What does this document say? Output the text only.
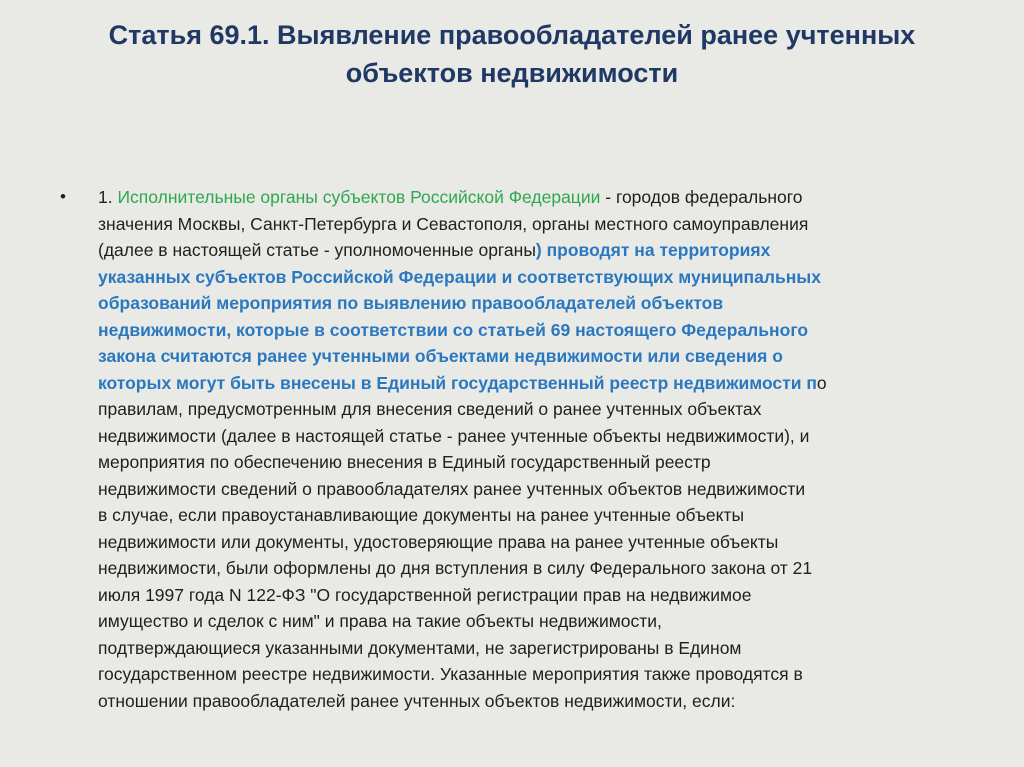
Статья 69.1. Выявление правообладателей ранее учтенных
объектов недвижимости
• 1. Исполнительные органы субъектов Российской Федерации - городов федерального
значения Москвы, Санкт-Петербурга и Севастополя, органы местного самоуправления
(далее в настоящей статье - уполномоченные органы) проводят на территориях
указанных субъектов Российской Федерации и соответствующих муниципальных
образований мероприятия по выявлению правообладателей объектов
недвижимости, которые в соответствии со статьей 69 настоящего Федерального
закона считаются ранее учтенными объектами недвижимости или сведения о
которых могут быть внесены в Единый государственный реестр недвижимости по
правилам, предусмотренным для внесения сведений о ранее учтенных объектах
недвижимости (далее в настоящей статье - ранее учтенные объекты недвижимости), и
мероприятия по обеспечению внесения в Единый государственный реестр
недвижимости сведений о правообладателях ранее учтенных объектов недвижимости
в случае, если правоустанавливающие документы на ранее учтенные объекты
недвижимости или документы, удостоверяющие права на ранее учтенные объекты
недвижимости, были оформлены до дня вступления в силу Федерального закона от 21
июля 1997 года N 122-ФЗ "О государственной регистрации прав на недвижимое
имущество и сделок с ним" и права на такие объекты недвижимости,
подтверждающиеся указанными документами, не зарегистрированы в Едином
государственном реестре недвижимости. Указанные мероприятия также проводятся в
отношении правообладателей ранее учтенных объектов недвижимости, если:
